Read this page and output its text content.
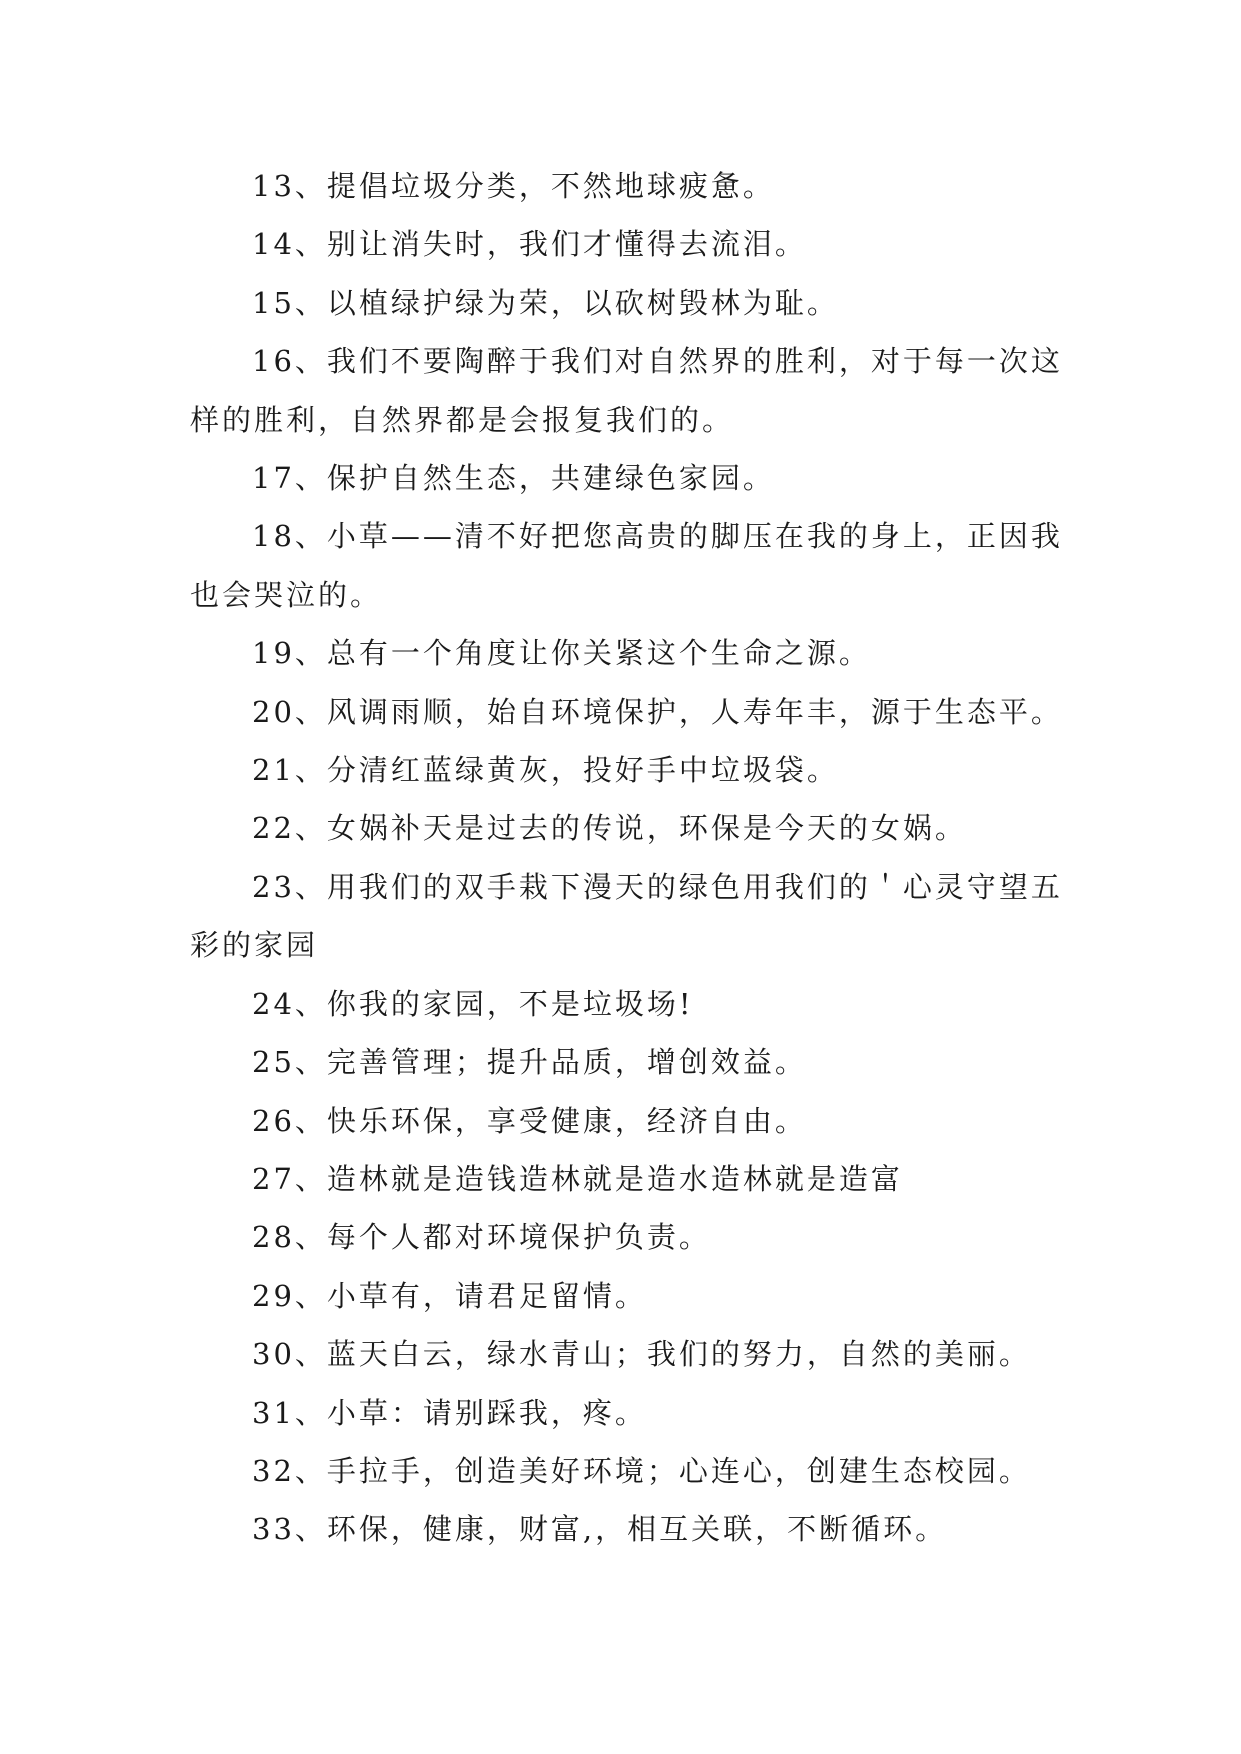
13、提倡垃圾分类，不然地球疲惫。

14、别让消失时，我们才懂得去流泪。

15、以植绿护绿为荣，以砍树毁林为耻。

16、我们不要陶醉于我们对自然界的胜利，对于每一次这样的胜利，自然界都是会报复我们的。

17、保护自然生态，共建绿色家园。

18、小草——清不好把您高贵的脚压在我的身上，正因我也会哭泣的。

19、总有一个角度让你关紧这个生命之源。

20、风调雨顺，始自环境保护，人寿年丰，源于生态平。

21、分清红蓝绿黄灰，投好手中垃圾袋。

22、女娲补天是过去的传说，环保是今天的女娲。

23、用我们的双手栽下漫天的绿色用我们的＇心灵守望五彩的家园

24、你我的家园，不是垃圾场!

25、完善管理；提升品质，增创效益。

26、快乐环保，享受健康，经济自由。

27、造林就是造钱造林就是造水造林就是造富

28、每个人都对环境保护负责。

29、小草有，请君足留情。

30、蓝天白云，绿水青山；我们的努力，自然的美丽。

31、小草：请别踩我，疼。

32、手拉手，创造美好环境；心连心，创建生态校园。

33、环保，健康，财富,，相互关联，不断循环。
